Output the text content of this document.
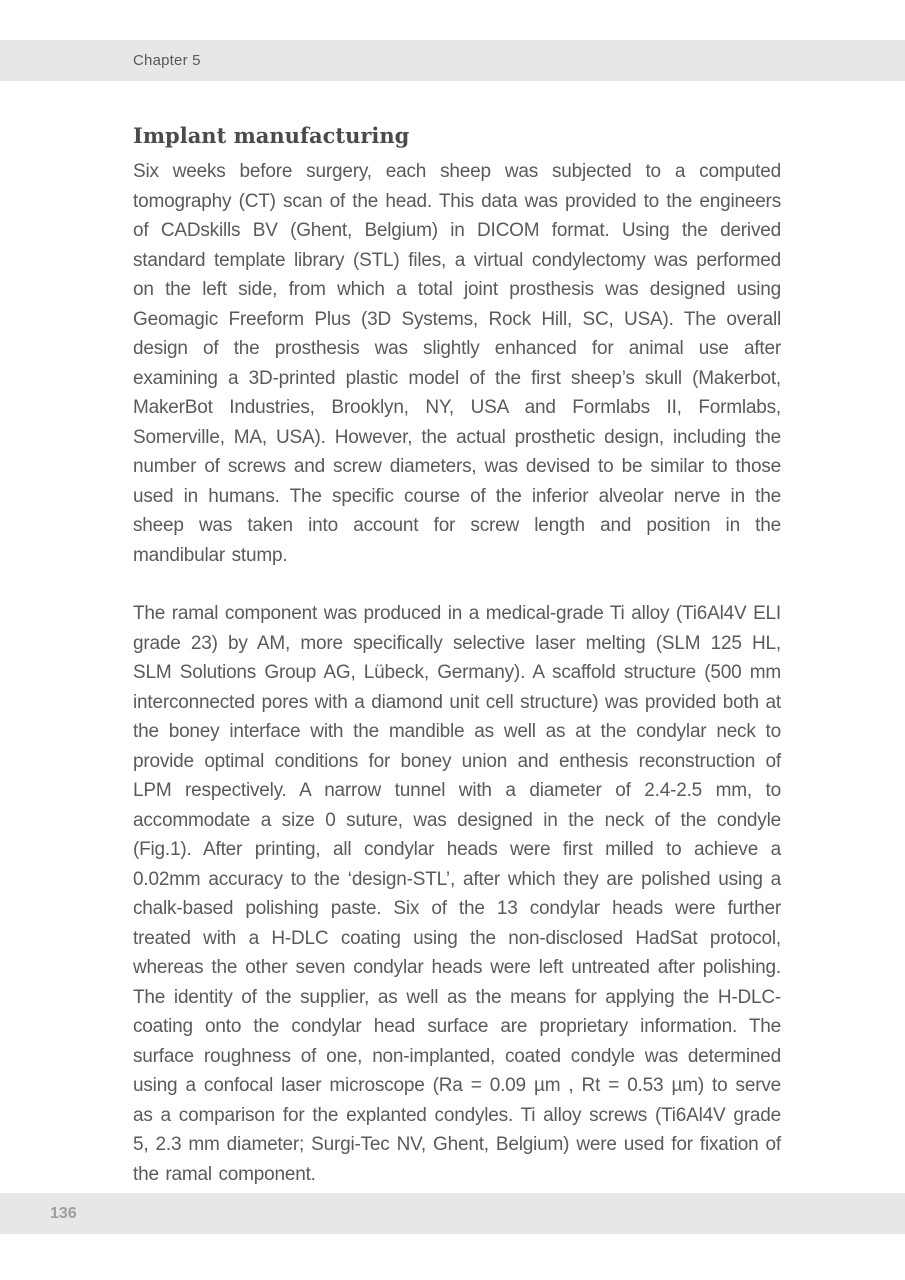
Chapter 5
Implant manufacturing

Six weeks before surgery, each sheep was subjected to a computed tomography (CT) scan of the head. This data was provided to the engineers of CADskills BV (Ghent, Belgium) in DICOM format. Using the derived standard template library (STL) files, a virtual condylectomy was performed on the left side, from which a total joint prosthesis was designed using Geomagic Freeform Plus (3D Systems, Rock Hill, SC, USA). The overall design of the prosthesis was slightly enhanced for animal use after examining a 3D-printed plastic model of the first sheep’s skull (Makerbot, MakerBot Industries, Brooklyn, NY, USA and Formlabs II, Formlabs, Somerville, MA, USA). However, the actual prosthetic design, including the number of screws and screw diameters, was devised to be similar to those used in humans. The specific course of the inferior alveolar nerve in the sheep was taken into account for screw length and position in the mandibular stump.

The ramal component was produced in a medical-grade Ti alloy (Ti6Al4V ELI grade 23) by AM, more specifically selective laser melting (SLM 125 HL, SLM Solutions Group AG, Lübeck, Germany). A scaffold structure (500 mm interconnected pores with a diamond unit cell structure) was provided both at the boney interface with the mandible as well as at the condylar neck to provide optimal conditions for boney union and enthesis reconstruction of LPM respectively. A narrow tunnel with a diameter of 2.4-2.5 mm, to accommodate a size 0 suture, was designed in the neck of the condyle (Fig.1). After printing, all condylar heads were first milled to achieve a 0.02mm accuracy to the ‘design-STL’, after which they are polished using a chalk-based polishing paste. Six of the 13 condylar heads were further treated with a H-DLC coating using the non-disclosed HadSat protocol, whereas the other seven condylar heads were left untreated after polishing. The identity of the supplier, as well as the means for applying the H-DLC-coating onto the condylar head surface are proprietary information. The surface roughness of one, non-implanted, coated condyle was determined using a confocal laser microscope (Ra = 0.09 µm , Rt = 0.53 µm) to serve as a comparison for the explanted condyles. Ti alloy screws (Ti6Al4V grade 5, 2.3 mm diameter; Surgi-Tec NV, Ghent, Belgium) were used for fixation of the ramal component.

136
